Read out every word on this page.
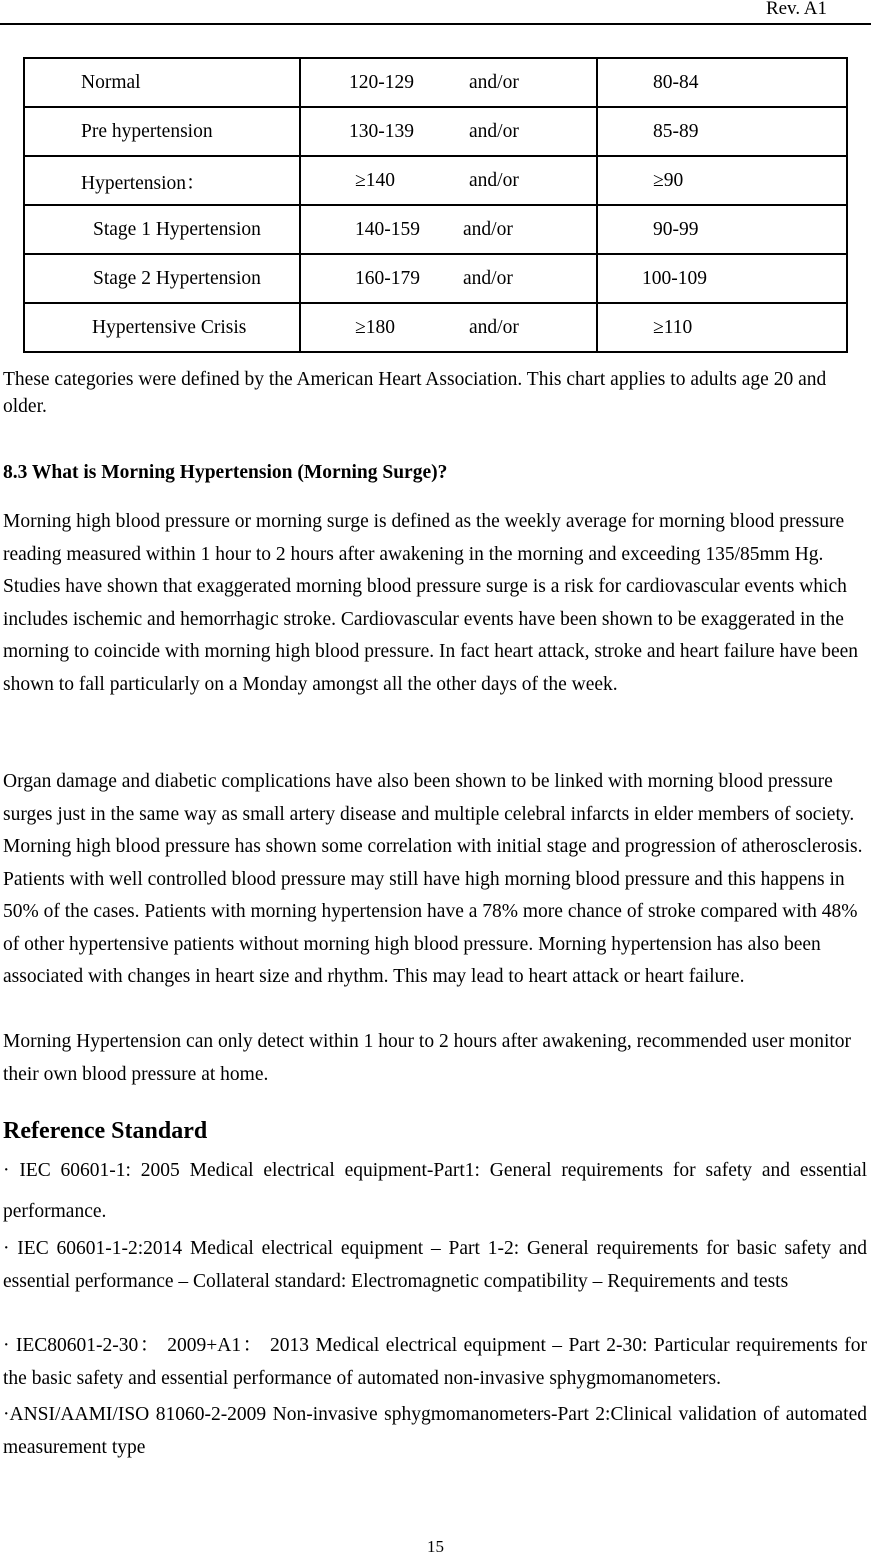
Rev. A1
Normal	120-129 and/or	80-84
Pre hypertension	130-139 and/or	85-89
Hypertension：	≥140 and/or	≥90
Stage 1 Hypertension	140-159 and/or	90-99
Stage 2 Hypertension	160-179 and/or	100-109
Hypertensive Crisis	≥180 and/or	≥110

These categories were defined by the American Heart Association. This chart applies to adults age 20 and older.

8.3 What is Morning Hypertension (Morning Surge)?

Morning high blood pressure or morning surge is defined as the weekly average for morning blood pressure reading measured within 1 hour to 2 hours after awakening in the morning and exceeding 135/85mm Hg. Studies have shown that exaggerated morning blood pressure surge is a risk for cardiovascular events which includes ischemic and hemorrhagic stroke. Cardiovascular events have been shown to be exaggerated in the morning to coincide with morning high blood pressure. In fact heart attack, stroke and heart failure have been shown to fall particularly on a Monday amongst all the other days of the week.

Organ damage and diabetic complications have also been shown to be linked with morning blood pressure surges just in the same way as small artery disease and multiple celebral infarcts in elder members of society. Morning high blood pressure has shown some correlation with initial stage and progression of atherosclerosis. Patients with well controlled blood pressure may still have high morning blood pressure and this happens in 50% of the cases. Patients with morning hypertension have a 78% more chance of stroke compared with 48% of other hypertensive patients without morning high blood pressure. Morning hypertension has also been associated with changes in heart size and rhythm. This may lead to heart attack or heart failure.

Morning Hypertension can only detect within 1 hour to 2 hours after awakening, recommended user monitor their own blood pressure at home.

Reference Standard

· IEC 60601-1: 2005 Medical electrical equipment-Part1: General requirements for safety and essential performance.

· IEC 60601-1-2:2014 Medical electrical equipment – Part 1-2: General requirements for basic safety and essential performance – Collateral standard: Electromagnetic compatibility – Requirements and tests

· IEC80601-2-30： 2009+A1： 2013 Medical electrical equipment – Part 2-30: Particular requirements for the basic safety and essential performance of automated non-invasive sphygmomanometers.

·ANSI/AAMI/ISO 81060-2-2009 Non-invasive sphygmomanometers-Part 2:Clinical validation of automated measurement type

15
